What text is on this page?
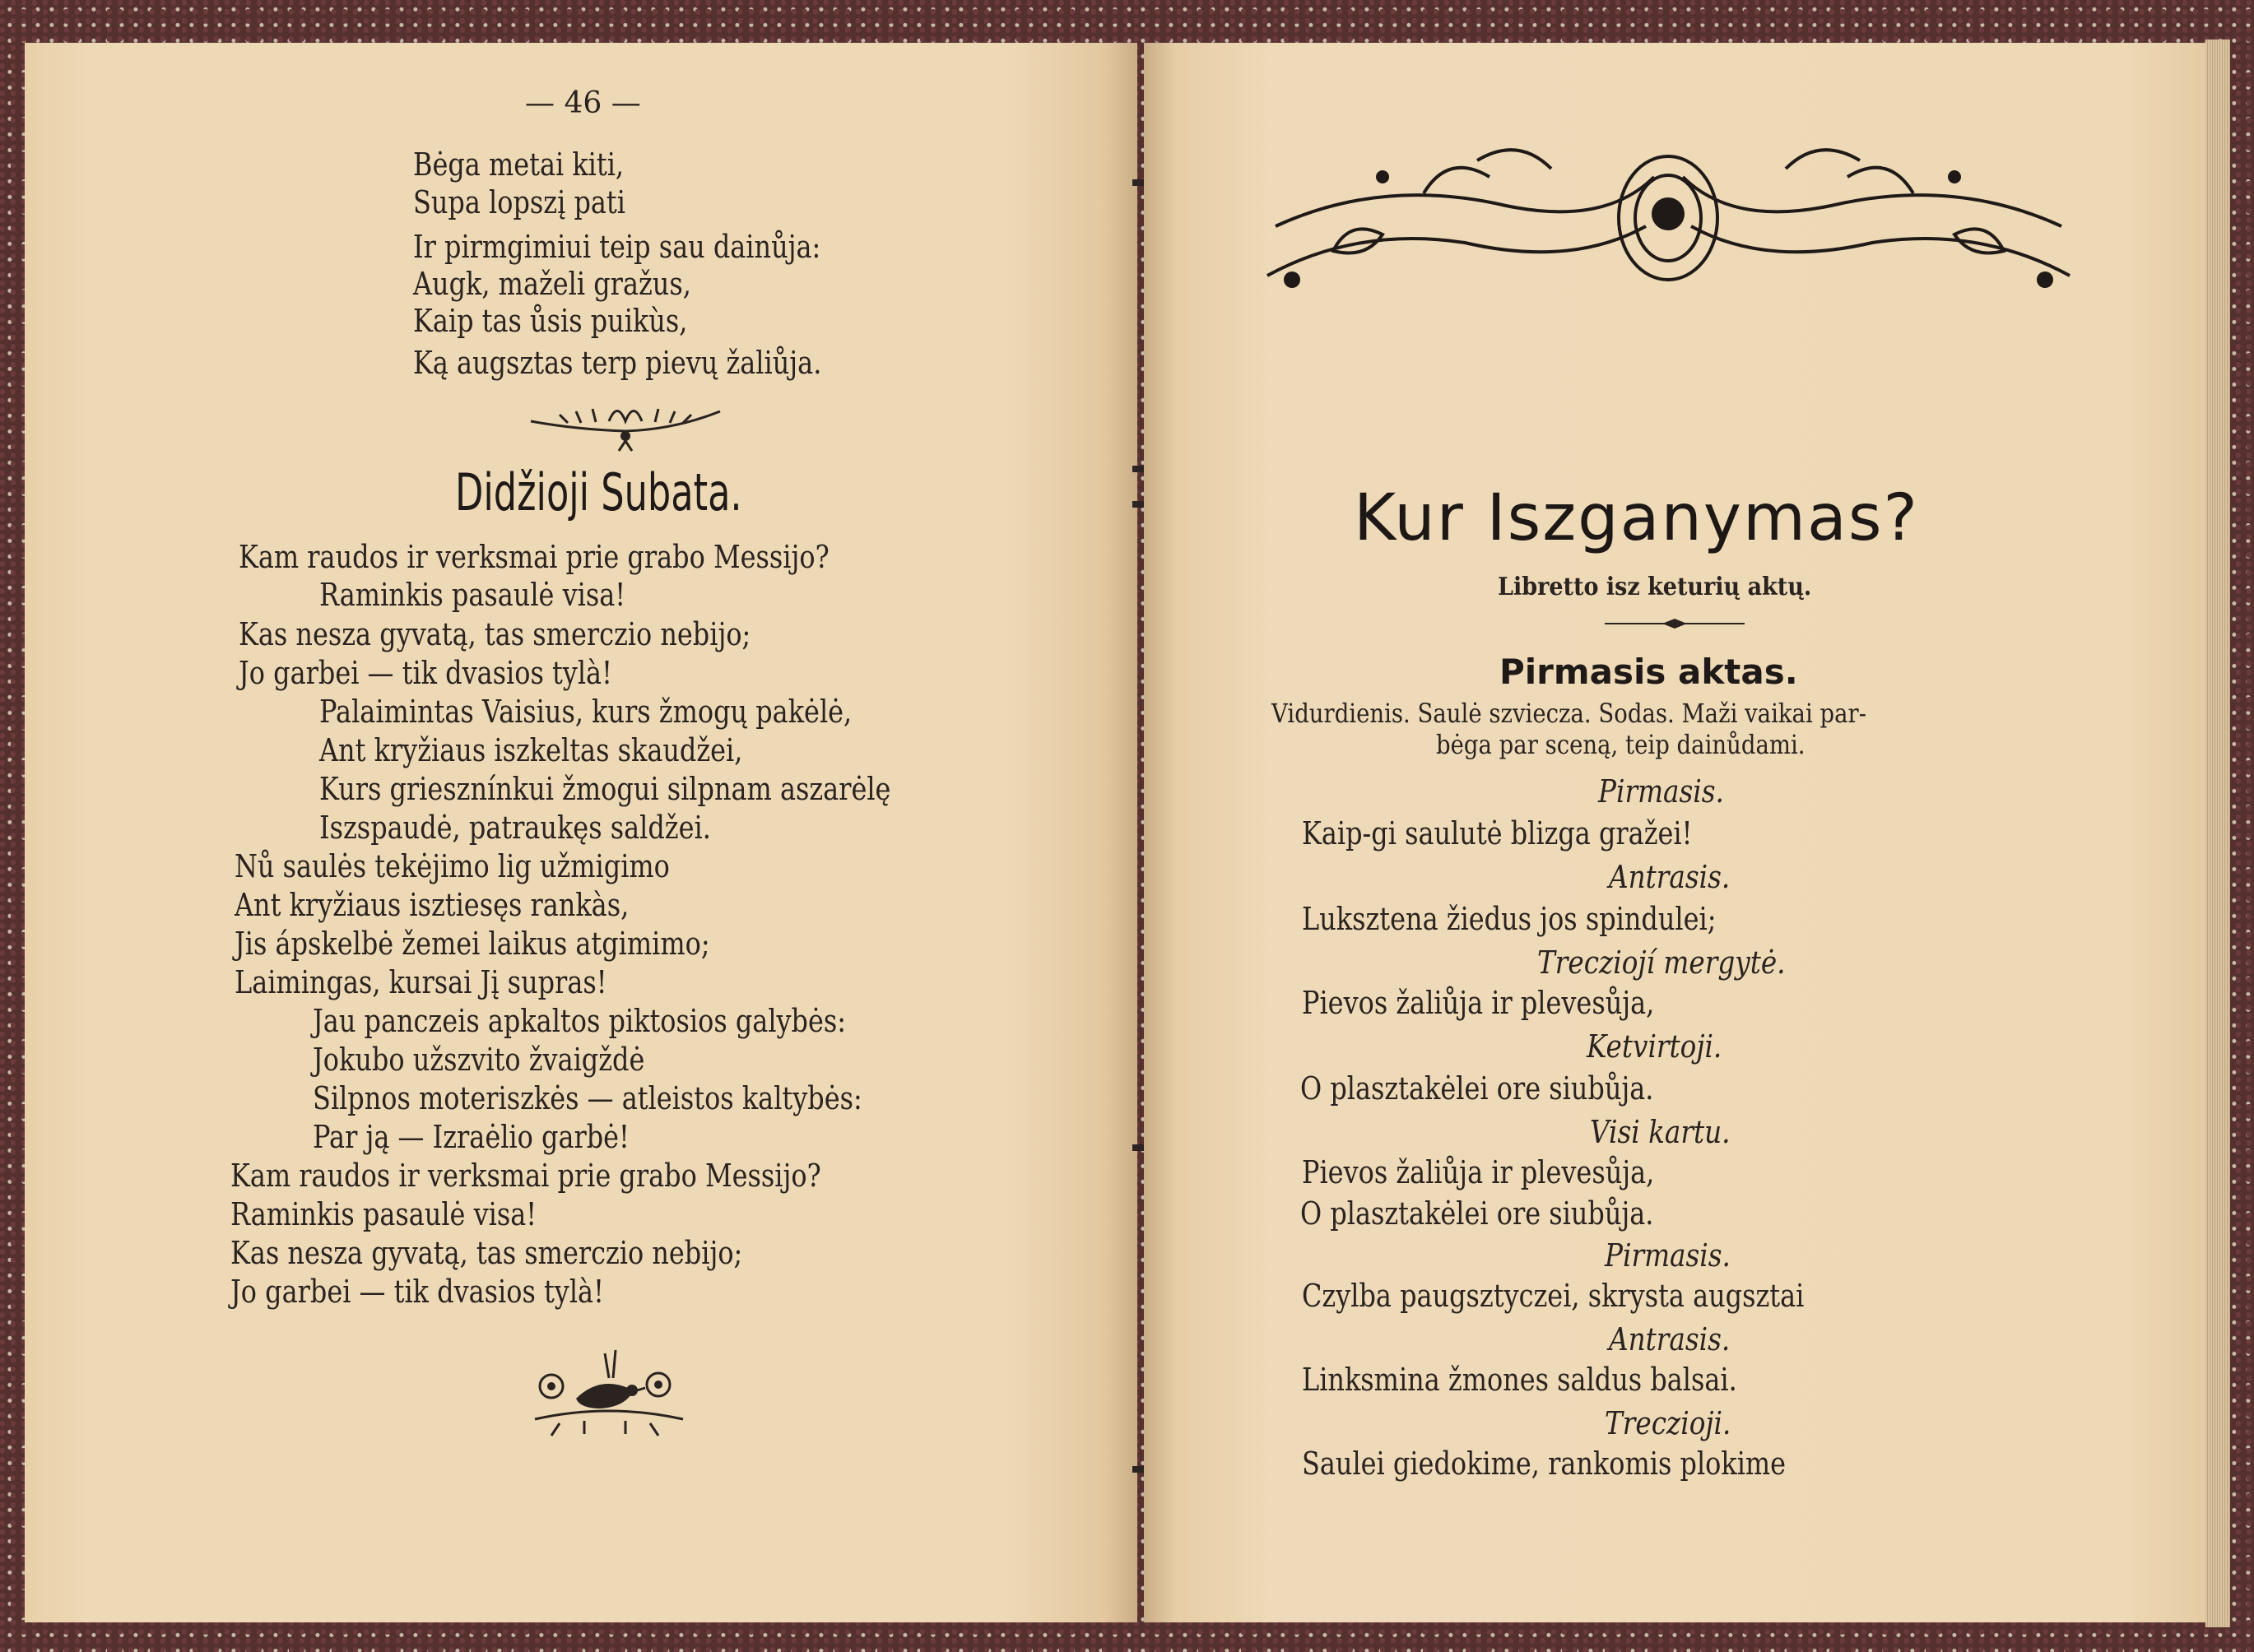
— 46 —
Bėga metai kiti,
Supa lopszį pati
Ir pirmgimiui teip sau dainůja:
Augk, maželi gražus,
Kaip tas ůsis puikùs,
Ką augsztas terp pievų žaliůja.
Didžioji Subata.
Kam raudos ir verksmai prie grabo Messijo?
Raminkis pasaulė visa!
Kas nesza gyvatą, tas smerczio nebijo;
Jo garbei — tik dvasios tylà!
Palaimintas Vaisius, kurs žmogų pakėlė,
Ant kryžiaus iszkeltas skaudžei,
Kurs griesznínkui žmogui silpnam aszarėlę
Iszspaudė, patraukęs saldžei.
Nů saulės tekėjimo lig užmigimo
Ant kryžiaus isztiesęs rankàs,
Jis ápskelbė žemei laikus atgimimo;
Laimingas, kursai Jį supras!
Jau panczeis apkaltos piktosios galybės:
Jokubo užszvito žvaigždė
Silpnos moteriszkės — atleistos kaltybės:
Par ją — Izraėlio garbė!
Kam raudos ir verksmai prie grabo Messijo?
Raminkis pasaulė visa!
Kas nesza gyvatą, tas smerczio nebijo;
Jo garbei — tik dvasios tylà!
Kur Iszganymas?
Libretto isz keturių aktų.
Pirmasis aktas.
Vidurdienis. Saulė szviecza. Sodas. Maži vaikai par-
bėga par sceną, teip dainůdami.
Pirmasis.
Kaip-gi saulutė blizga gražei!
Antrasis.
Luksztena žiedus jos spindulei;
Trecziojí mergytė.
Pievos žaliůja ir plevesůja,
Ketvirtoji.
O plasztakėlei ore siubůja.
Visi kartu.
Pievos žaliůja ir plevesůja,
O plasztakėlei ore siubůja.
Pirmasis.
Czylba paugsztyczei, skrysta augsztai
Antrasis.
Linksmina žmones saldus balsai.
Treczioji.
Saulei giedokime, rankomis plokime
